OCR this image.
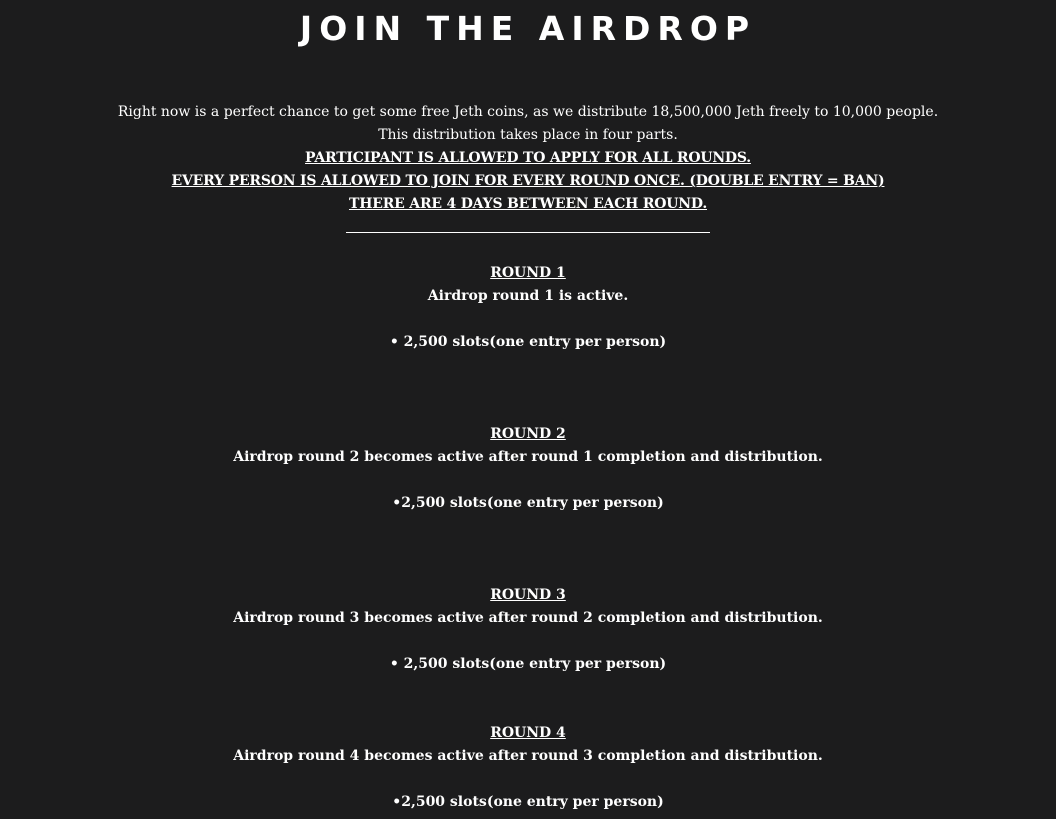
JOIN THE AIRDROP
Right now is a perfect chance to get some free Jeth coins, as we distribute 18,500,000 Jeth freely to 10,000 people.
This distribution takes place in four parts.
PARTICIPANT IS ALLOWED TO APPLY FOR ALL ROUNDS.
EVERY PERSON IS ALLOWED TO JOIN FOR EVERY ROUND ONCE. (DOUBLE ENTRY = BAN)
THERE ARE 4 DAYS BETWEEN EACH ROUND.
ROUND 1
Airdrop round 1 is active.
• 2,500 slots(one entry per person)
ROUND 2
Airdrop round 2 becomes active after round 1 completion and distribution.
•2,500 slots(one entry per person)
ROUND 3
Airdrop round 3 becomes active after round 2 completion and distribution.
• 2,500 slots(one entry per person)
ROUND 4
Airdrop round 4 becomes active after round 3 completion and distribution.
•2,500 slots(one entry per person)
